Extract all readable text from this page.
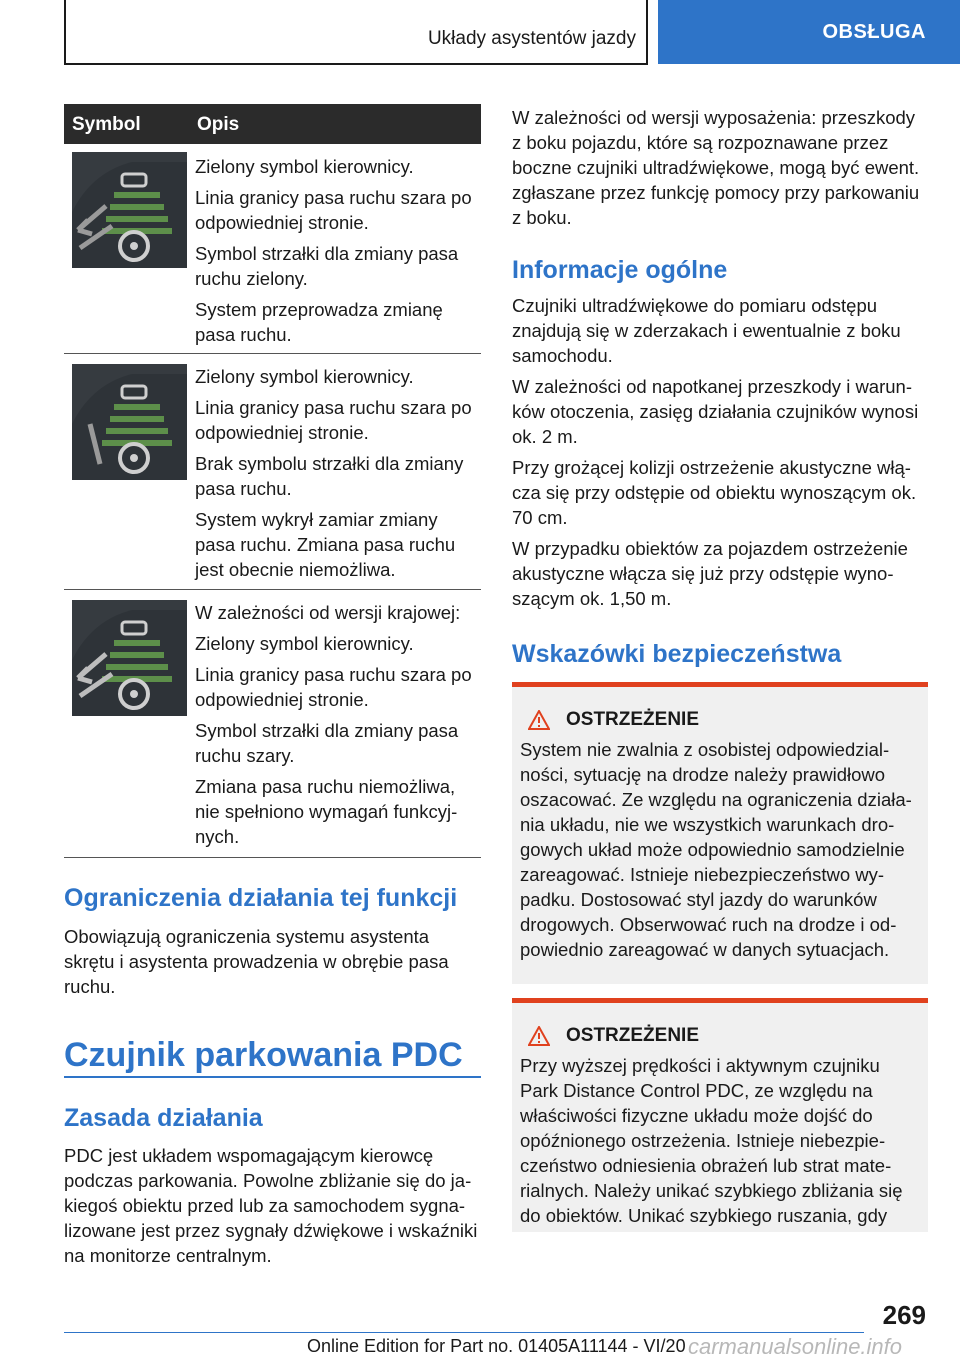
Układy asystentów jazdy	OBSŁUGA
Symbol	Opis

Zielony symbol kierownicy.

Linia granicy pasa ruchu szara po odpowiedniej stronie.

Symbol strzałki dla zmiany pasa ruchu zielony.

System przeprowadza zmianę pasa ruchu.

Zielony symbol kierownicy.

Linia granicy pasa ruchu szara po odpowiedniej stronie.

Brak symbolu strzałki dla zmiany pasa ruchu.

System wykrył zamiar zmiany pasa ruchu. Zmiana pasa ruchu jest obecnie niemożliwa.

W zależności od wersji krajowej:

Zielony symbol kierownicy.

Linia granicy pasa ruchu szara po odpowiedniej stronie.

Symbol strzałki dla zmiany pasa ruchu szary.

Zmiana pasa ruchu niemożliwa, nie spełniono wymagań funkcyjnych.

Ograniczenia działania tej funkcji
Obowiązują ograniczenia systemu asystenta skrętu i asystenta prowadzenia w obrębie pasa ruchu.
Czujnik parkowania PDC
Zasada działania
PDC jest układem wspomagającym kierowcę podczas parkowania. Powolne zbliżanie się do jakiegoś obiektu przed lub za samochodem sygnalizowane jest przez sygnały dźwiękowe i wskaźniki na monitorze centralnym.
W zależności od wersji wyposażenia: przeszkody z boku pojazdu, które są rozpoznawane przez boczne czujniki ultradźwiękowe, mogą być ewent. zgłaszane przez funkcję pomocy przy parkowaniu z boku.
Informacje ogólne

Czujniki ultradźwiękowe do pomiaru odstępu znajdują się w zderzakach i ewentualnie z boku samochodu.

W zależności od napotkanej przeszkody i warunków otoczenia, zasięg działania czujników wynosi ok. 2 m.

Przy grożącej kolizji ostrzeżenie akustyczne włącza się przy odstępie od obiektu wynoszącym ok. 70 cm.

W przypadku obiektów za pojazdem ostrzeżenie akustyczne włącza się już przy odstępie wynoszącym ok. 1,50 m.

Wskazówki bezpieczeństwa
OSTRZEŻENIE
System nie zwalnia z osobistej odpowiedzialności, sytuację na drodze należy prawidłowo oszacować. Ze względu na ograniczenia działania układu, nie we wszystkich warunkach drogowych układ może odpowiednio samodzielnie zareagować. Istnieje niebezpieczeństwo wypadku. Dostosować styl jazdy do warunków drogowych. Obserwować ruch na drodze i odpowiednio zareagować w danych sytuacjach.
OSTRZEŻENIE
Przy wyższej prędkości i aktywnym czujniku Park Distance Control PDC, ze względu na właściwości fizyczne układu może dojść do opóźnionego ostrzeżenia. Istnieje niebezpieczeństwo odniesienia obrażeń lub strat materialnych. Należy unikać szybkiego zbliżania się do obiektów. Unikać szybkiego ruszania, gdy
269
Online Edition for Part no. 01405A11144 - VI/20 carmanualsonline.info
